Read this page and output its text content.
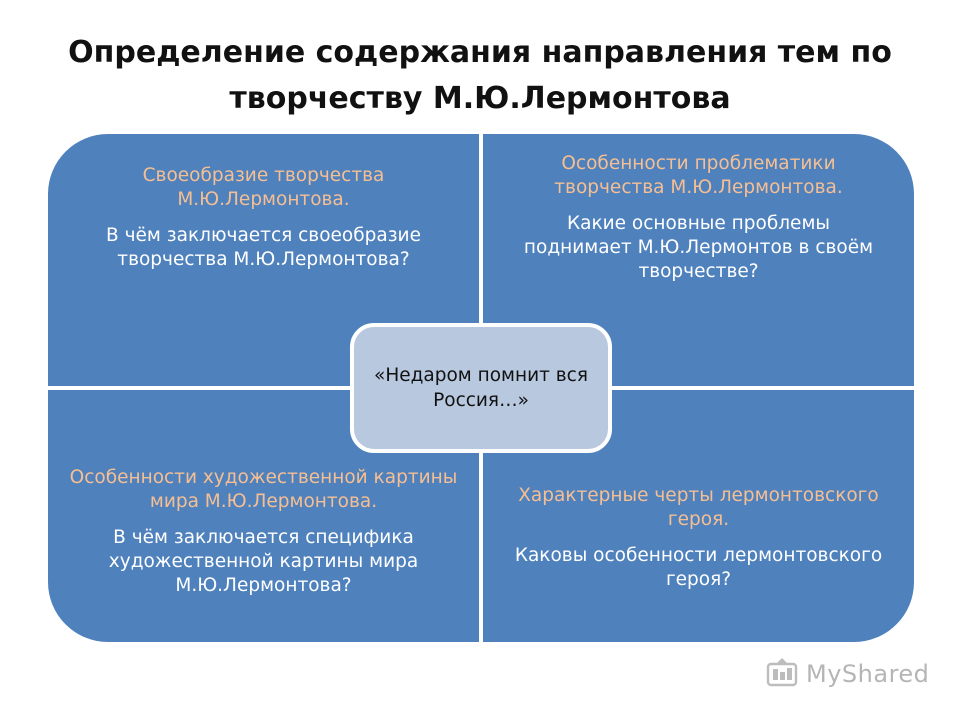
Определение содержания направления тем по
творчеству М.Ю.Лермонтова

Своеобразие творчества М.Ю.Лермонтова.

В чём заключается своеобразие творчества М.Ю.Лермонтова?

Особенности проблематики творчества М.Ю.Лермонтова.

Какие основные проблемы поднимает М.Ю.Лермонтов в своём творчестве?

Особенности художественной картины мира М.Ю.Лермонтова.

В чём заключается специфика художественной картины мира М.Ю.Лермонтова?

Характерные черты лермонтовского героя.

Каковы особенности лермонтовского героя?

«Недаром помнит вся Россия…»
MyShared
